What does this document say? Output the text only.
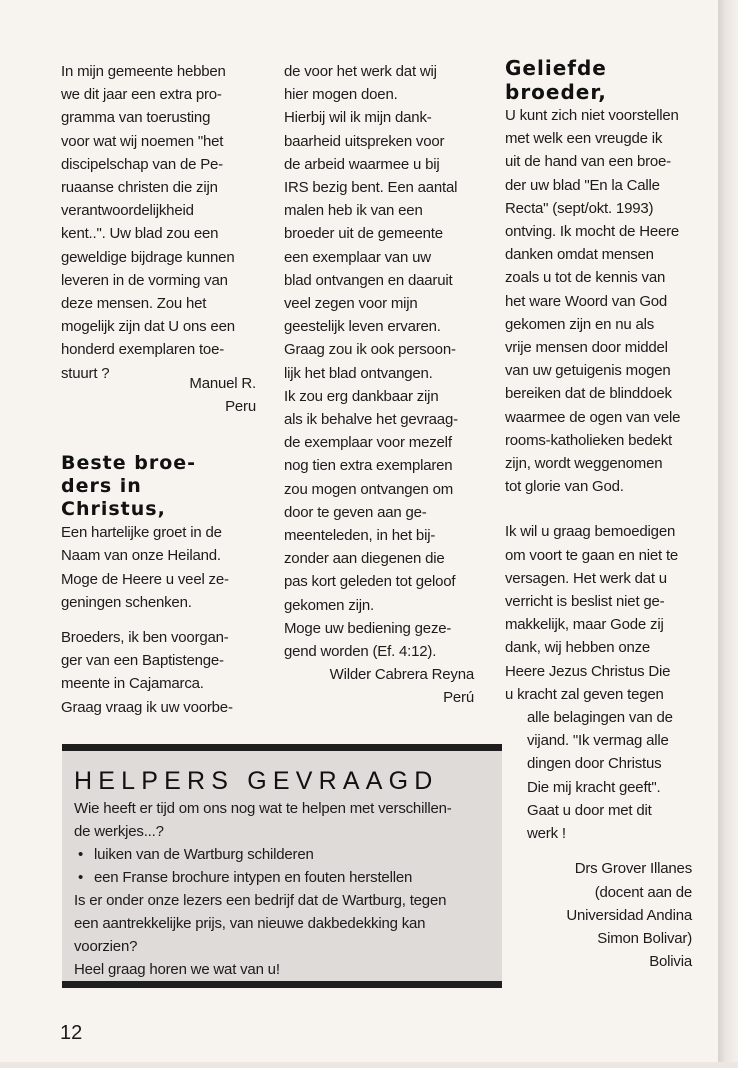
In mijn gemeente hebben
we dit jaar een extra pro-
gramma van toerusting
voor wat wij noemen "het
discipelschap van de Pe-
ruaanse christen die zijn
verantwoordelijkheid
kent..". Uw blad zou een
geweldige bijdrage kunnen
leveren in de vorming van
deze mensen. Zou het
mogelijk zijn dat U ons een
honderd exemplaren toe-
stuurt ?

Manuel R.
Peru

Beste broe-
ders in
Christus,

Een hartelijke groet in de
Naam van onze Heiland.
Moge de Heere u veel ze-
geningen schenken.

Broeders, ik ben voorgan-
ger van een Baptistenge-
meente in Cajamarca.
Graag vraag ik uw voorbe-

de voor het werk dat wij
hier mogen doen.
Hierbij wil ik mijn dank-
baarheid uitspreken voor
de arbeid waarmee u bij
IRS bezig bent. Een aantal
malen heb ik van een
broeder uit de gemeente
een exemplaar van uw
blad ontvangen en daaruit
veel zegen voor mijn
geestelijk leven ervaren.
Graag zou ik ook persoon-
lijk het blad ontvangen.
Ik zou erg dankbaar zijn
als ik behalve het gevraag-
de exemplaar voor mezelf
nog tien extra exemplaren
zou mogen ontvangen om
door te geven aan ge-
meenteleden, in het bij-
zonder aan diegenen die
pas kort geleden tot geloof
gekomen zijn.
Moge uw bediening geze-
gend worden (Ef. 4:12).

Wilder Cabrera Reyna
Perú

Geliefde
broeder,

U kunt zich niet voorstellen
met welk een vreugde ik
uit de hand van een broe-
der uw blad "En la Calle
Recta" (sept/okt. 1993)
ontving. Ik mocht de Heere
danken omdat mensen
zoals u tot de kennis van
het ware Woord van God
gekomen zijn en nu als
vrije mensen door middel
van uw getuigenis mogen
bereiken dat de blinddoek
waarmee de ogen van vele
rooms-katholieken bedekt
zijn, wordt weggenomen
tot glorie van God.

Ik wil u graag bemoedigen
om voort te gaan en niet te
versagen. Het werk dat u
verricht is beslist niet ge-
makkelijk, maar Gode zij
dank, wij hebben onze
Heere Jezus Christus Die
u kracht zal geven tegen

alle belagingen van de
vijand. "Ik vermag alle
dingen door Christus
Die mij kracht geeft".
Gaat u door met dit
werk !

Drs Grover Illanes
(docent aan de
Universidad Andina
Simon Bolivar)
Bolivia

HELPERS GEVRAAGD
Wie heeft er tijd om ons nog wat te helpen met verschillen-
de werkjes...?
• luiken van de Wartburg schilderen
• een Franse brochure intypen en fouten herstellen
Is er onder onze lezers een bedrijf dat de Wartburg, tegen
een aantrekkelijke prijs, van nieuwe dakbedekking kan
voorzien?
Heel graag horen we wat van u!
12
